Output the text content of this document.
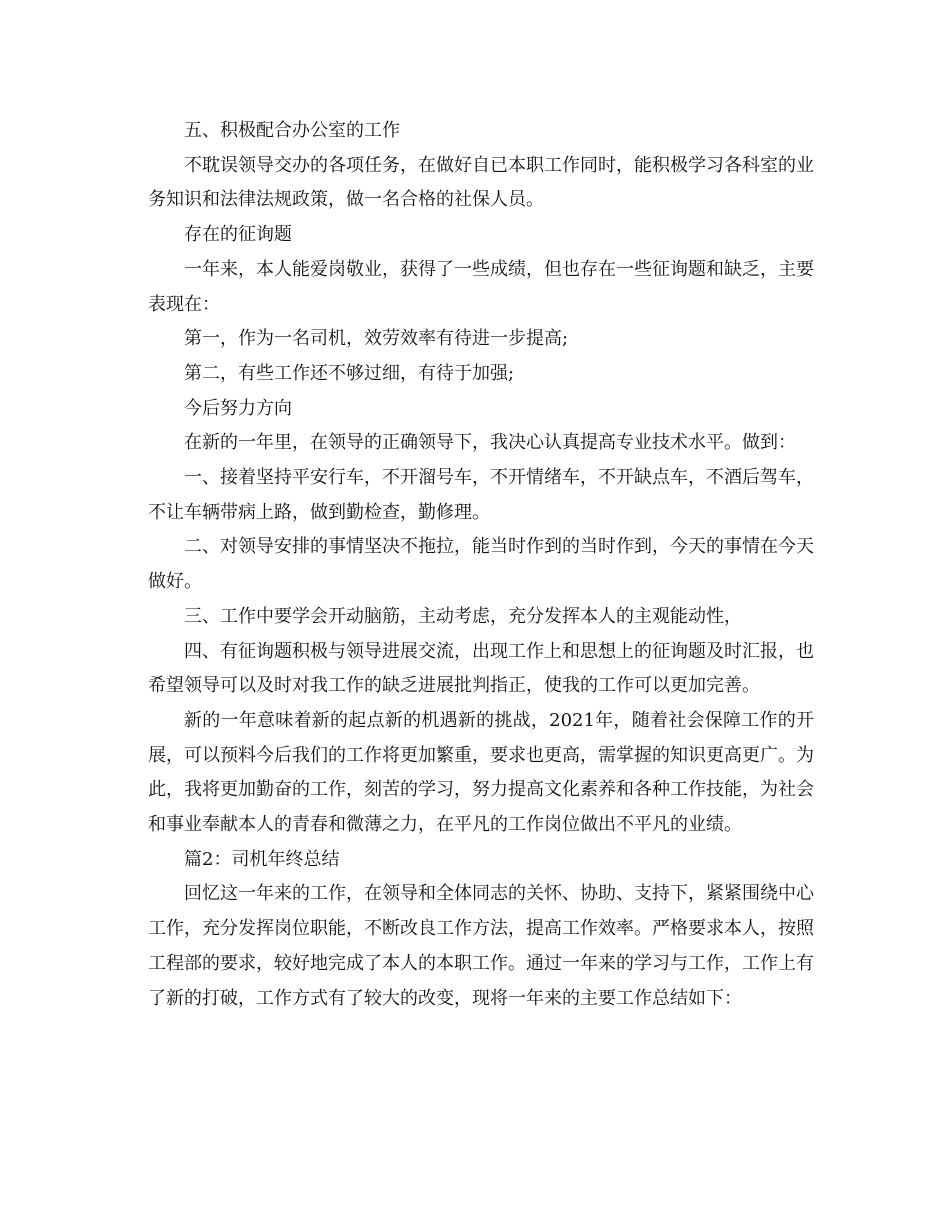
五、积极配合办公室的工作

不耽误领导交办的各项任务，在做好自已本职工作同时，能积极学习各科室的业务知识和法律法规政策，做一名合格的社保人员。

存在的征询题

一年来，本人能爱岗敬业，获得了一些成绩，但也存在一些征询题和缺乏，主要表现在：

第一，作为一名司机，效劳效率有待进一步提高;

第二，有些工作还不够过细，有待于加强;

今后努力方向

在新的一年里，在领导的正确领导下，我决心认真提高专业技术水平。做到：

一、接着坚持平安行车，不开溜号车，不开情绪车，不开缺点车，不酒后驾车，不让车辆带病上路，做到勤检查，勤修理。

二、对领导安排的事情坚决不拖拉，能当时作到的当时作到，今天的事情在今天做好。

三、工作中要学会开动脑筋，主动考虑，充分发挥本人的主观能动性，

四、有征询题积极与领导进展交流，出现工作上和思想上的征询题及时汇报，也希望领导可以及时对我工作的缺乏进展批判指正，使我的工作可以更加完善。

新的一年意味着新的起点新的机遇新的挑战，2021年，随着社会保障工作的开展，可以预料今后我们的工作将更加繁重，要求也更高，需掌握的知识更高更广。为此，我将更加勤奋的工作，刻苦的学习，努力提高文化素养和各种工作技能，为社会和事业奉献本人的青春和微薄之力，在平凡的工作岗位做出不平凡的业绩。

篇2：司机年终总结

回忆这一年来的工作，在领导和全体同志的关怀、协助、支持下，紧紧围绕中心工作，充分发挥岗位职能，不断改良工作方法，提高工作效率。严格要求本人，按照工程部的要求，较好地完成了本人的本职工作。通过一年来的学习与工作，工作上有了新的打破，工作方式有了较大的改变，现将一年来的主要工作总结如下：
